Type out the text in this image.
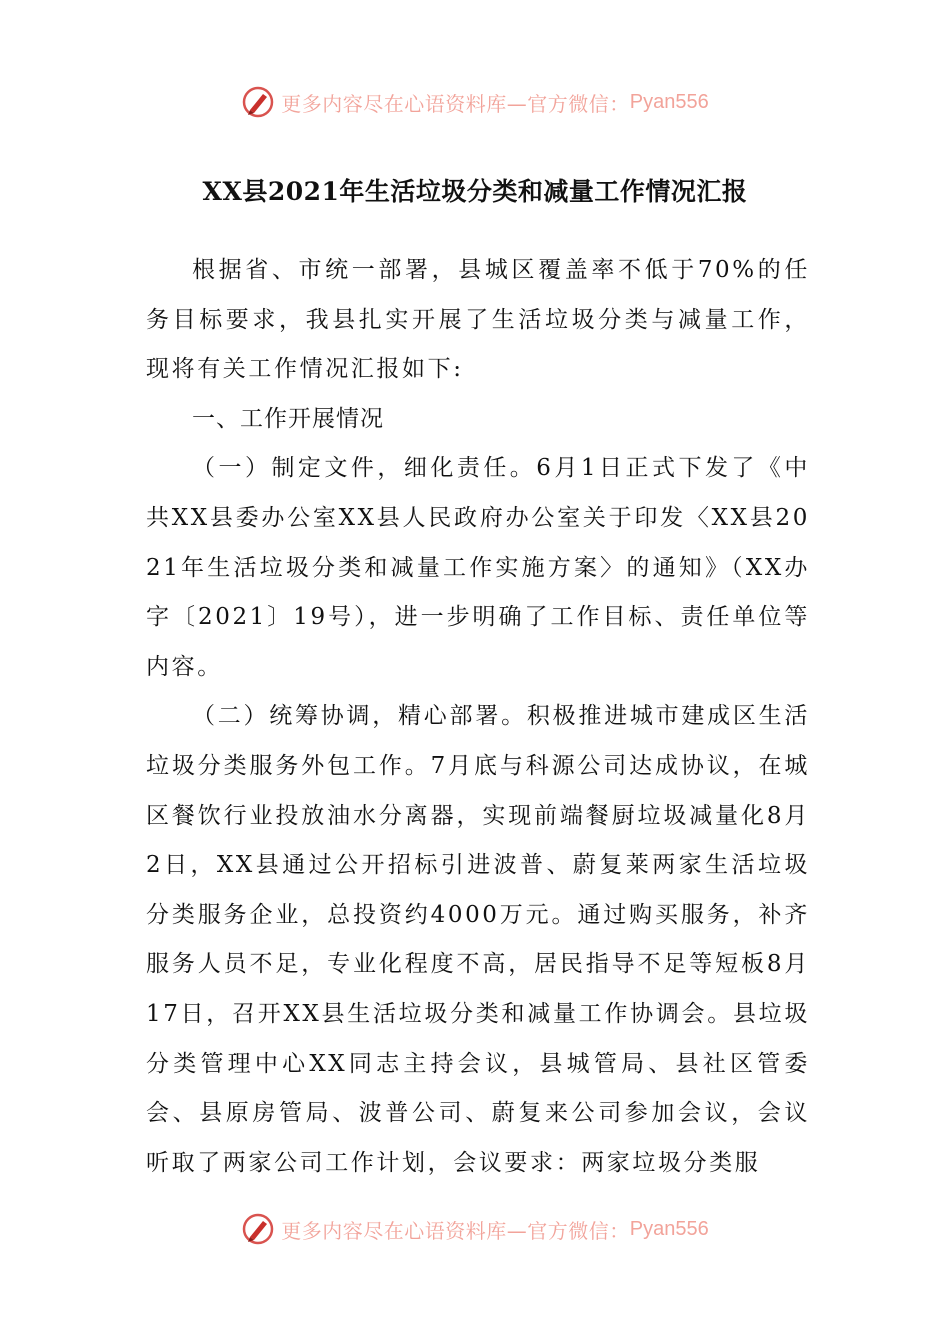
更多内容尽在心语资料库—官方微信： Pyan556
XX县2021年生活垃圾分类和减量工作情况汇报

根据省、市统一部署，县城区覆盖率不低于70%的任务目标要求，我县扎实开展了生活垃圾分类与减量工作，现将有关工作情况汇报如下:

一、工作开展情况

（一）制定文件，细化责任。6月1日正式下发了《中共XX县委办公室XX县人民政府办公室关于印发〈XX县2021年生活垃圾分类和减量工作实施方案〉的通知》（XX办字〔2021〕19号），进一步明确了工作目标、责任单位等内容。

（二）统筹协调，精心部署。积极推进城市建成区生活垃圾分类服务外包工作。7月底与科源公司达成协议，在城区餐饮行业投放油水分离器，实现前端餐厨垃圾减量化8月2日，XX县通过公开招标引进波普、蔚复莱两家生活垃圾分类服务企业，总投资约4000万元。通过购买服务，补齐服务人员不足，专业化程度不高，居民指导不足等短板8月17日，召开XX县生活垃圾分类和减量工作协调会。县垃圾分类管理中心XX同志主持会议，县城管局、县社区管委会、县原房管局、波普公司、蔚复来公司参加会议，会议听取了两家公司工作计划，会议要求：两家垃圾分类服

更多内容尽在心语资料库—官方微信： Pyan556
